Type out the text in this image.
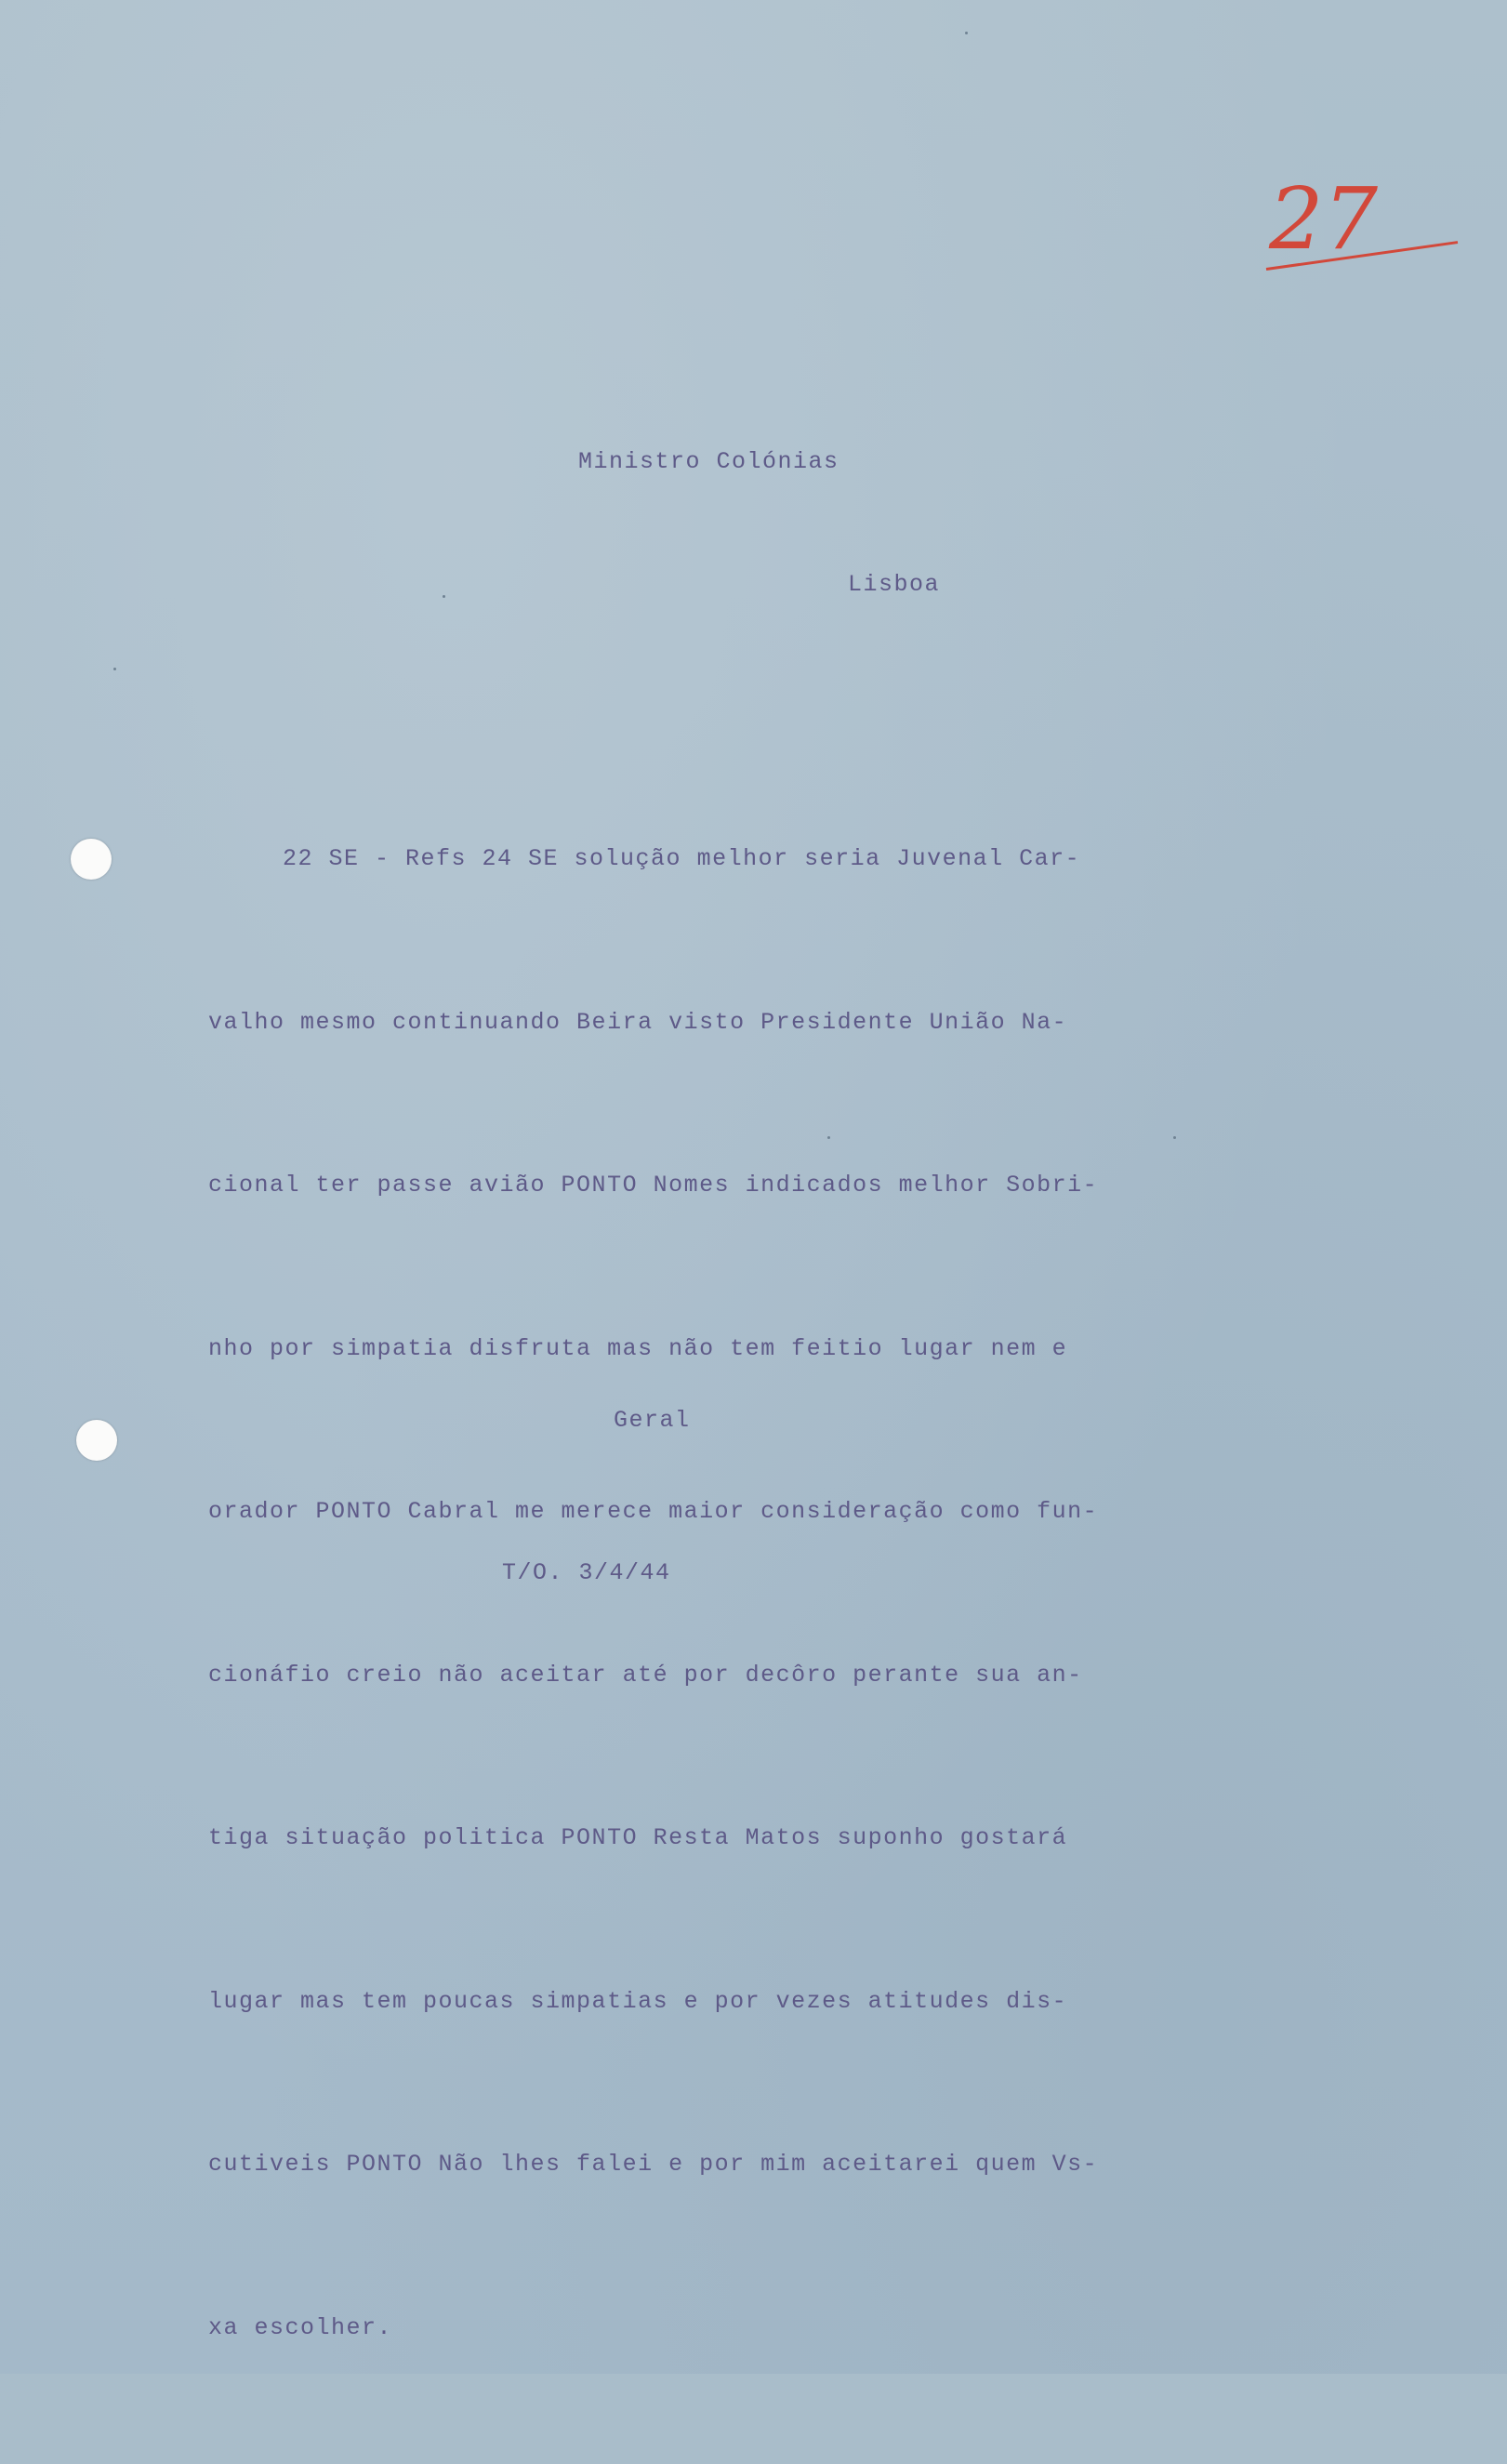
27

Ministro Colónias

Lisboa

22 SE - Refs 24 SE solução melhor seria Juvenal Car-

valho mesmo continuando Beira visto Presidente União Na-

cional ter passe avião PONTO Nomes indicados melhor Sobri-

nho por simpatia disfruta mas não tem feitio lugar nem e

orador PONTO Cabral me merece maior consideração como fun-

cionáfio creio não aceitar até por decôro perante sua an-

tiga situação politica PONTO Resta Matos suponho gostará

lugar mas tem poucas simpatias e por vezes atitudes dis-

cutiveis PONTO Não lhes falei e por mim aceitarei quem Vs-

xa escolher.

Geral

T/O. 3/4/44
